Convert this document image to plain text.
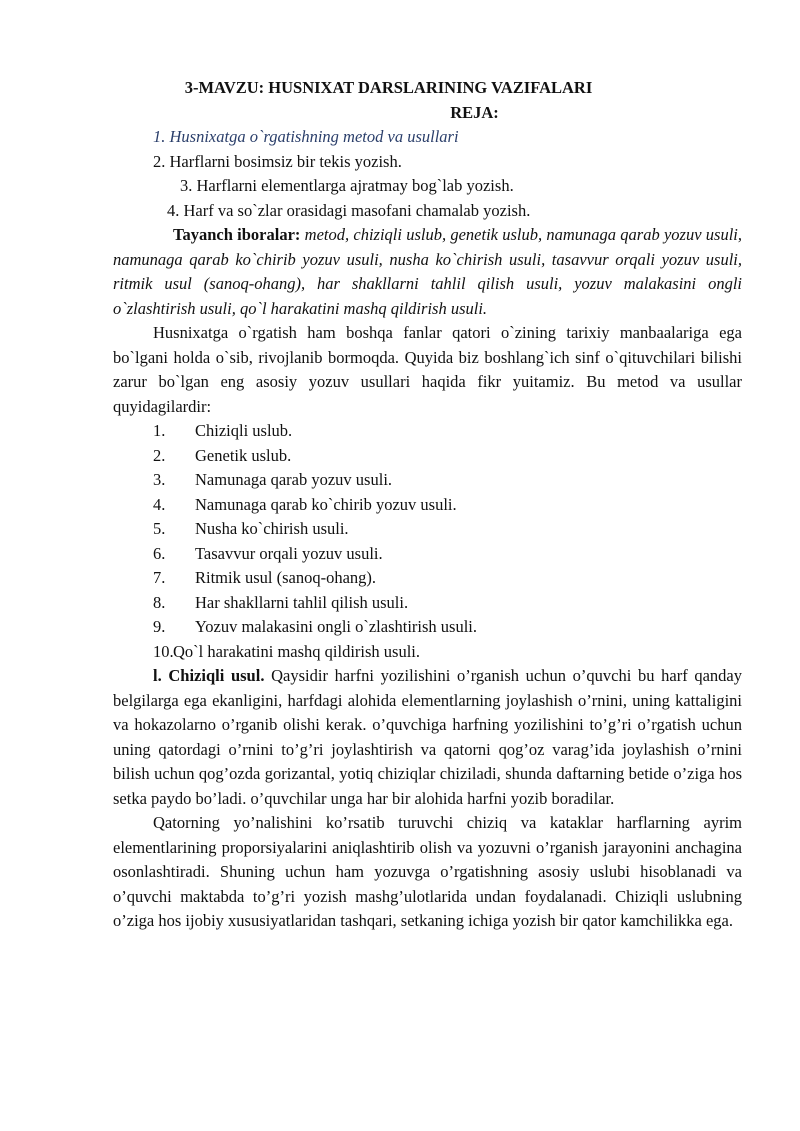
3-MAVZU: HUSNIXAT DARSLARINING VAZIFALARI
REJA:
1. Husnixatga o`rgatishning metod va usullari
2. Harflarni bosimsiz bir tekis yozish.
3. Harflarni elementlarga ajratmay bog`lab yozish.
4. Harf va so`zlar orasidagi masofani chamalab yozish.

Tayanch iboralar: metod, chiziqli uslub, genetik uslub, namunaga qarab yozuv usuli, namunaga qarab ko`chirib yozuv usuli, nusha ko`chirish usuli, tasavvur orqali yozuv usuli, ritmik usul (sanoq-ohang), har shakllarni tahlil qilish usuli, yozuv malakasini ongli o`zlashtirish usuli, qo`l harakatini mashq qildirish usuli.

Husnixatga o`rgatish ham boshqa fanlar qatori o`zining tarixiy manbaalariga ega bo`lgani holda o`sib, rivojlanib bormoqda. Quyida biz boshlang`ich sinf o`qituvchilari bilishi zarur bo`lgan eng asosiy yozuv usullari haqida fikr yuitamiz. Bu metod va usullar quyidagilardir:

1.	Chiziqli uslub.
2.	Genetik uslub.
3.	Namunaga qarab yozuv usuli.
4.	Namunaga qarab ko`chirib yozuv usuli.
5.	Nusha ko`chirish usuli.
6.	Tasavvur orqali yozuv usuli.
7.	Ritmik usul (sanoq-ohang).
8.	Har shakllarni tahlil qilish usuli.
9.	Yozuv malakasini ongli o`zlashtirish usuli.
10. Qo`l harakatini mashq qildirish usuli.

l. Chiziqli usul. Qaysidir harfni yozilishini o’rganish uchun o’quvchi bu harf qanday belgilarga ega ekanligini, harfdagi alohida elementlarning joylashish o’rnini, uning kattaligini va hokazolarno o’rganib olishi kerak. o’quvchiga harfning yozilishini to’g’ri o’rgatish uchun uning qatordagi o’rnini to’g’ri joylashtirish va qatorni qog’oz varag’ida joylashish o’rnini bilish uchun qog’ozda gorizantal, yotiq chiziqlar chiziladi, shunda daftarning betide o’ziga hos setka paydo bo’ladi. o’quvchilar unga har bir alohida harfni yozib boradilar.

Qatorning yo’nalishini ko’rsatib turuvchi chiziq va kataklar harflarning ayrim elementlarining proporsiyalarini aniqlashtirib olish va yozuvni o’rganish jarayonini anchagina osonlashtiradi. Shuning uchun ham yozuvga o’rgatishning asosiy uslubi hisoblanadi va o’quvchi maktabda to’g’ri yozish mashg’ulotlarida undan foydalanadi. Chiziqli uslubning o’ziga hos ijobiy xususiyatlaridan tashqari, setkaning ichiga yozish bir qator kamchilikka ega.
